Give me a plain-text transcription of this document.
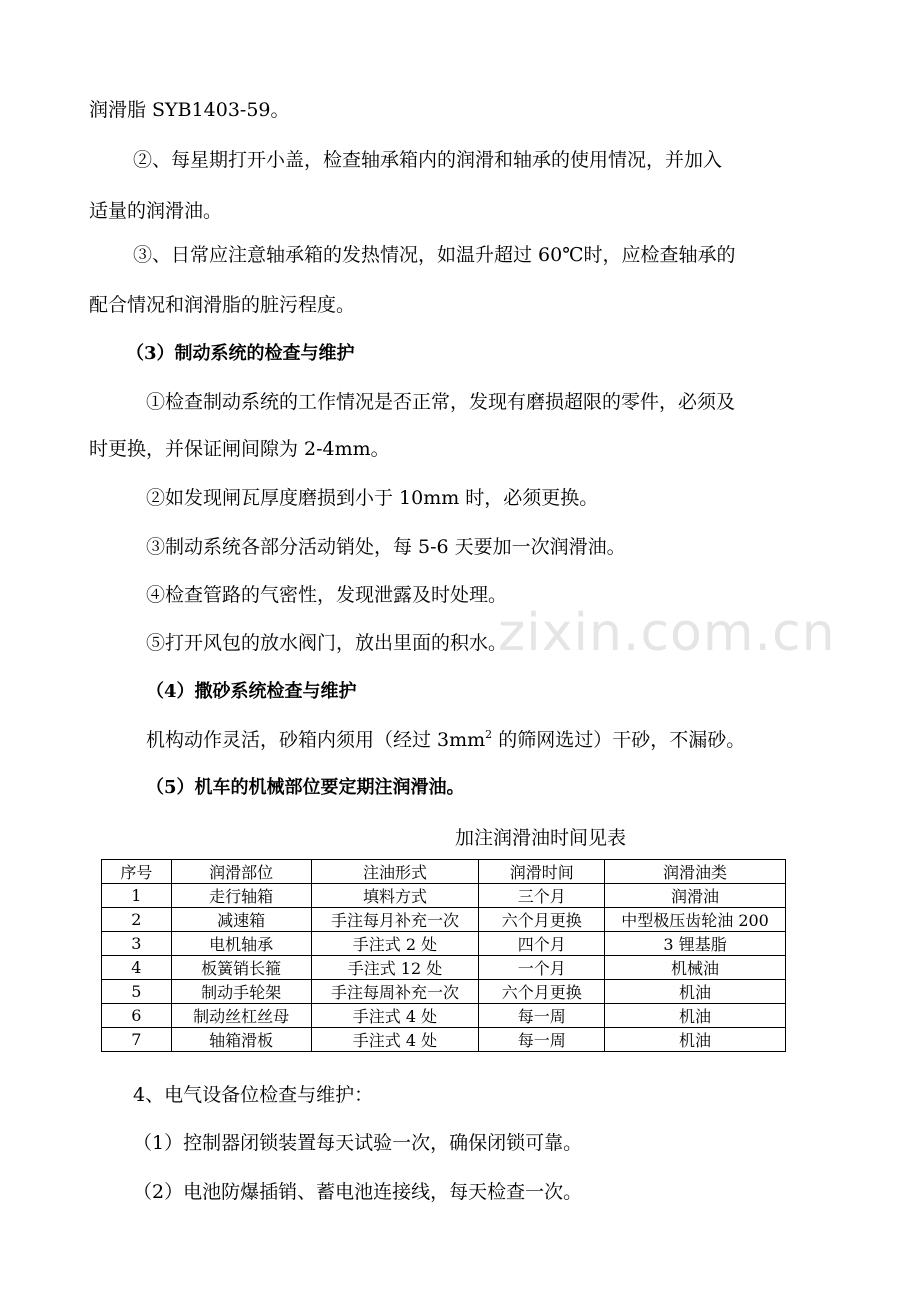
润滑脂 SYB1403-59。
②、每星期打开小盖，检查轴承箱内的润滑和轴承的使用情况，并加入
适量的润滑油。
③、日常应注意轴承箱的发热情况，如温升超过 60℃时，应检查轴承的
配合情况和润滑脂的脏污程度。
（3）制动系统的检查与维护
①检查制动系统的工作情况是否正常，发现有磨损超限的零件，必须及
时更换，并保证闸间隙为 2-4mm。
②如发现闸瓦厚度磨损到小于 10mm 时，必须更换。
③制动系统各部分活动销处，每 5-6 天要加一次润滑油。
④检查管路的气密性，发现泄露及时处理。
⑤打开风包的放水阀门，放出里面的积水。
zixin.com.cn
（4）撒砂系统检查与维护
机构动作灵活，砂箱内须用（经过 $3mm^2$ 的筛网选过）干砂，不漏砂。
（5）机车的机械部位要定期注润滑油。
加注润滑油时间见表
序号	润滑部位	注油形式	润滑时间	润滑油类
1	走行轴箱	填料方式	三个月	润滑油
2	减速箱	手注每月补充一次	六个月更换	中型极压齿轮油 200
3	电机轴承	手注式 2 处	四个月	3 锂基脂
4	板簧销长箍	手注式 12 处	一个月	机械油
5	制动手轮架	手注每周补充一次	六个月更换	机油
6	制动丝杠丝母	手注式 4 处	每一周	机油
7	轴箱滑板	手注式 4 处	每一周	机油
4、电气设备位检查与维护：
（1）控制器闭锁装置每天试验一次，确保闭锁可靠。
（2）电池防爆插销、蓄电池连接线，每天检查一次。
